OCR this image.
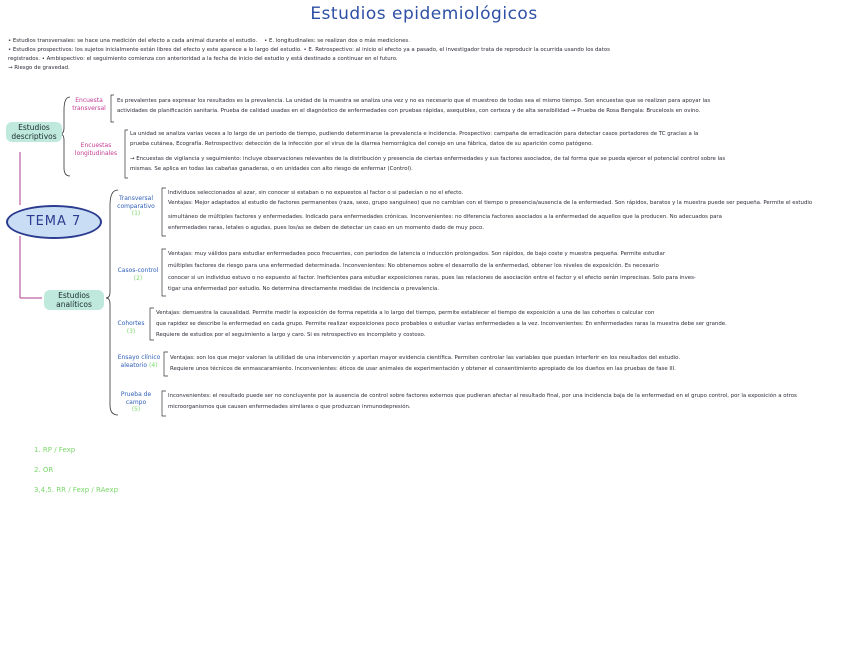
Estudios epidemiológicos
• Estudios transversales: se hace una medición del efecto a cada animal durante el estudio. • E. longitudinales: se realizan dos o más mediciones.
• Estudios prospectivos: los sujetos inicialmente están libres del efecto y este aparece a lo largo del estudio. • E. Retrospectivo: al inicio el efecto ya a pasado, el investigador trata de reproducir la ocurrida usando los datos
registrados. • Ambispectivo: el seguimiento comienza con anterioridad a la fecha de inicio del estudio y está destinado a continuar en el futuro.
→ Riesgo de gravedad.
Estudios descriptivos
Encuesta transversal
Es prevalentes para expresar los resultados es la prevalencia. La unidad de la muestra se analiza una vez y no es necesario que el muestreo de todas sea el mismo tiempo. Son encuestas que se realizan para apoyar las
actividades de planificación sanitaria. Prueba de calidad usadas en el diagnóstico de enfermedades con pruebas rápidas, asequibles, con certeza y de alta sensibilidad → Prueba de Rosa Bengala: Brucelosis en ovino.
Encuestas longitudinales
La unidad se analiza varias veces a lo largo de un periodo de tiempo, pudiendo determinarse la prevalencia e incidencia. Prospectivo: campaña de erradicación para detectar casos portadores de TC gracias a la
prueba cutánea, Ecografía. Retrospectivo: detección de la infección por el virus de la diarrea hemorrágica del conejo en una fábrica, datos de su aparición como patógeno.
→ Encuestas de vigilancia y seguimiento: incluye observaciones relevantes de la distribución y presencia de ciertas enfermedades y sus factores asociados, de tal forma que se pueda ejercer el potencial control sobre las
mismas. Se aplica en todas las cabañas ganaderas, o en unidades con alto riesgo de enfermar (Control).
TEMA 7
Estudios analíticos
Transversal comparativo
(1)
Individuos seleccionados al azar, sin conocer si estaban o no expuestos al factor o si padecían o no el efecto.
Ventajas: Mejor adaptados al estudio de factores permanentes (raza, sexo, grupo sanguíneo) que no cambian con el tiempo o presencia/ausencia de la enfermedad. Son rápidos, baratos y la muestra puede ser pequeña. Permite el estudio
simultáneo de múltiples factores y enfermedades. Indicado para enfermedades crónicas. Inconvenientes: no diferencia factores asociados a la enfermedad de aquellos que la producen. No adecuados para
enfermedades raras, letales o agudas, pues los/as se deben de detectar un caso en un momento dado de muy poco.
Casos-control
(2)
Ventajas: muy válidos para estudiar enfermedades poco frecuentes, con periodos de latencia o inducción prolongados. Son rápidos, de bajo coste y muestra pequeña. Permite estudiar
múltiples factores de riesgo para una enfermedad determinada. Inconvenientes: No obtenemos sobre el desarrollo de la enfermedad, obtener los niveles de exposición. Es necesario
conocer si un individuo estuvo o no expuesto al factor. Ineficientes para estudiar exposiciones raras, pues las relaciones de asociación entre el factor y el efecto serán imprecisas. Solo para inves-
tigar una enfermedad por estudio. No determina directamente medidas de incidencia o prevalencia.
Cohortes
(3)
Ventajas: demuestra la causalidad. Permite medir la exposición de forma repetida a lo largo del tiempo, permite establecer el tiempo de exposición a una de las cohortes o calcular con
que rapidez se describe la enfermedad en cada grupo. Permite realizar exposiciones poco probables o estudiar varias enfermedades a la vez. Inconvenientes: En enfermedades raras la muestra debe ser grande.
Requiere de estudios por el seguimiento a largo y caro. Si es retrospectivo es incompleto y costoso.
Ensayo clínico aleatorio (4)
Ventajas: son los que mejor valoran la utilidad de una intervención y aportan mayor evidencia científica. Permiten controlar las variables que puedan interferir en los resultados del estudio.
Requiere unos técnicos de enmascaramiento. Inconvenientes: éticos de usar animales de experimentación y obtener el consentimiento apropiado de los dueños en las pruebas de fase III.
Prueba de campo
(5)
Inconvenientes: el resultado puede ser no concluyente por la ausencia de control sobre factores externos que pudieran afectar al resultado final, por una incidencia baja de la enfermedad en el grupo control, por la exposición a otros
microorganismos que causen enfermedades similares o que produzcan inmunodepresión.
1. RP / Fexp
2. OR
3,4,5. RR / Fexp / RAexp
